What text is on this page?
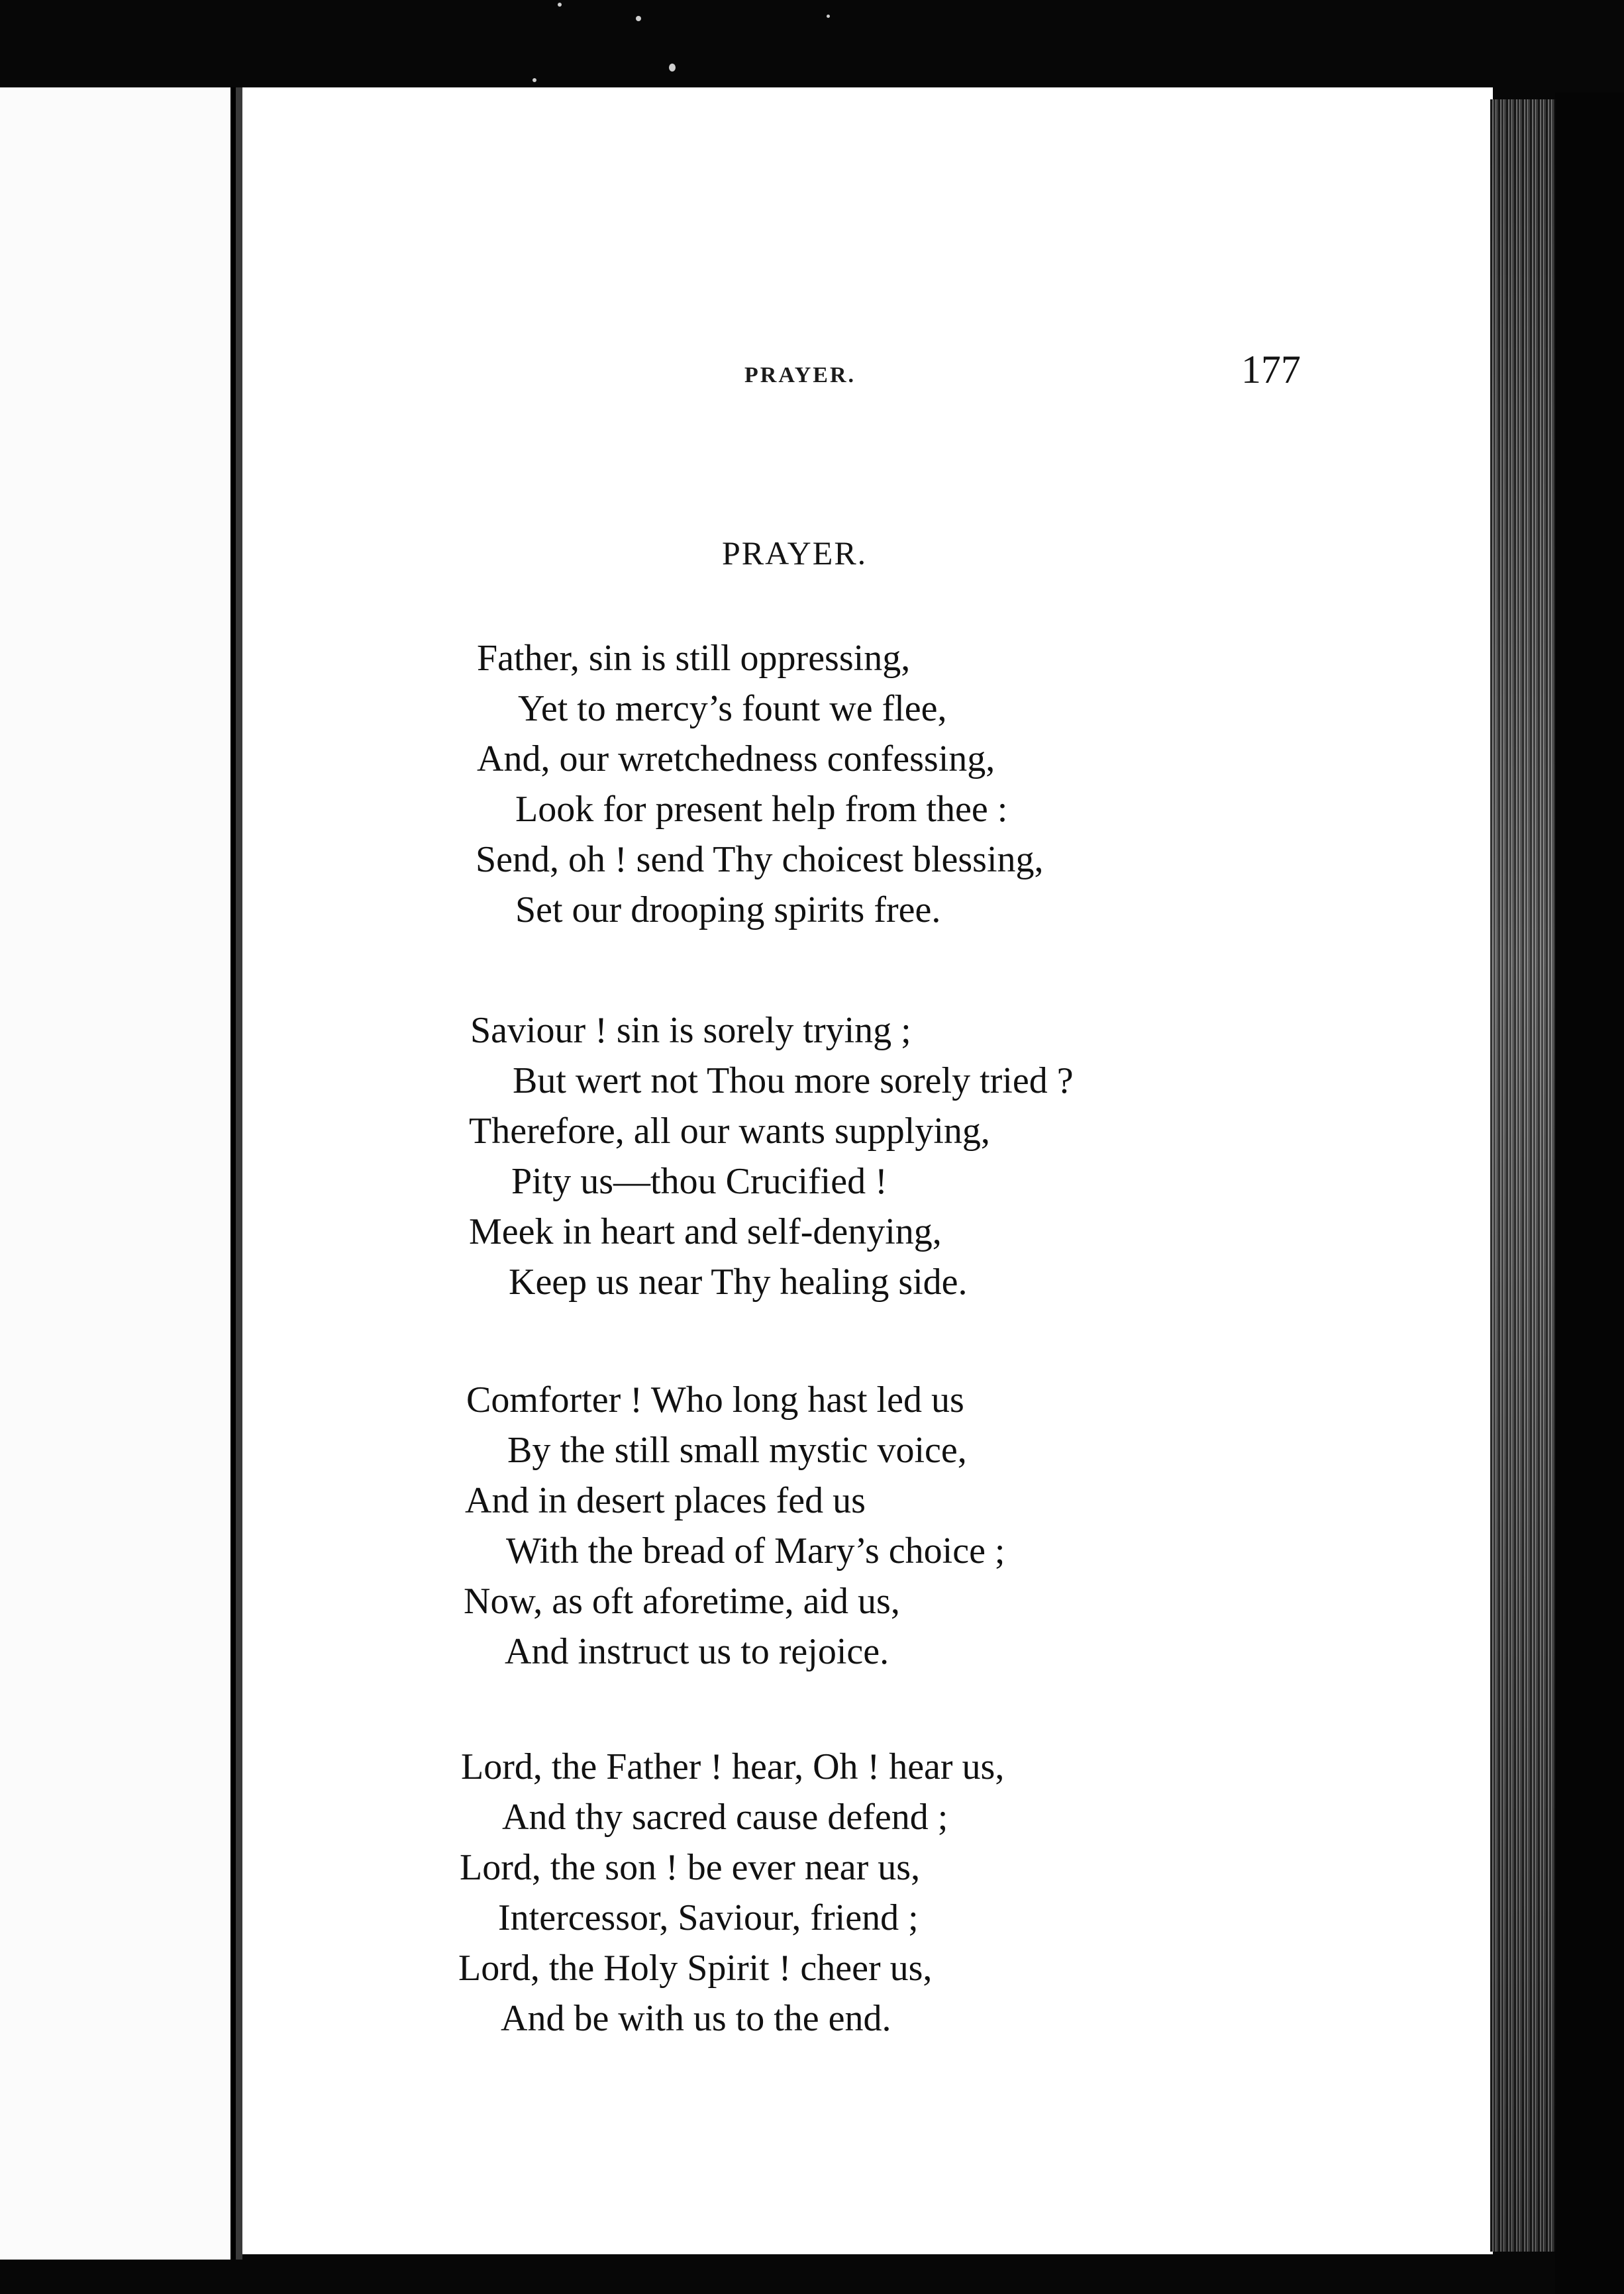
PRAYER.	177
PRAYER.
Father, sin is still oppressing,
Yet to mercy’s fount we flee,
And, our wretchedness confessing,
Look for present help from thee :
Send, oh ! send Thy choicest blessing,
Set our drooping spirits free.
Saviour ! sin is sorely trying ;
But wert not Thou more sorely tried ?
Therefore, all our wants supplying,
Pity us—thou Crucified !
Meek in heart and self-denying,
Keep us near Thy healing side.
Comforter ! Who long hast led us
By the still small mystic voice,
And in desert places fed us
With the bread of Mary’s choice ;
Now, as oft aforetime, aid us,
And instruct us to rejoice.
Lord, the Father ! hear, Oh ! hear us,
And thy sacred cause defend ;
Lord, the son ! be ever near us,
Intercessor, Saviour, friend ;
Lord, the Holy Spirit ! cheer us,
And be with us to the end.
